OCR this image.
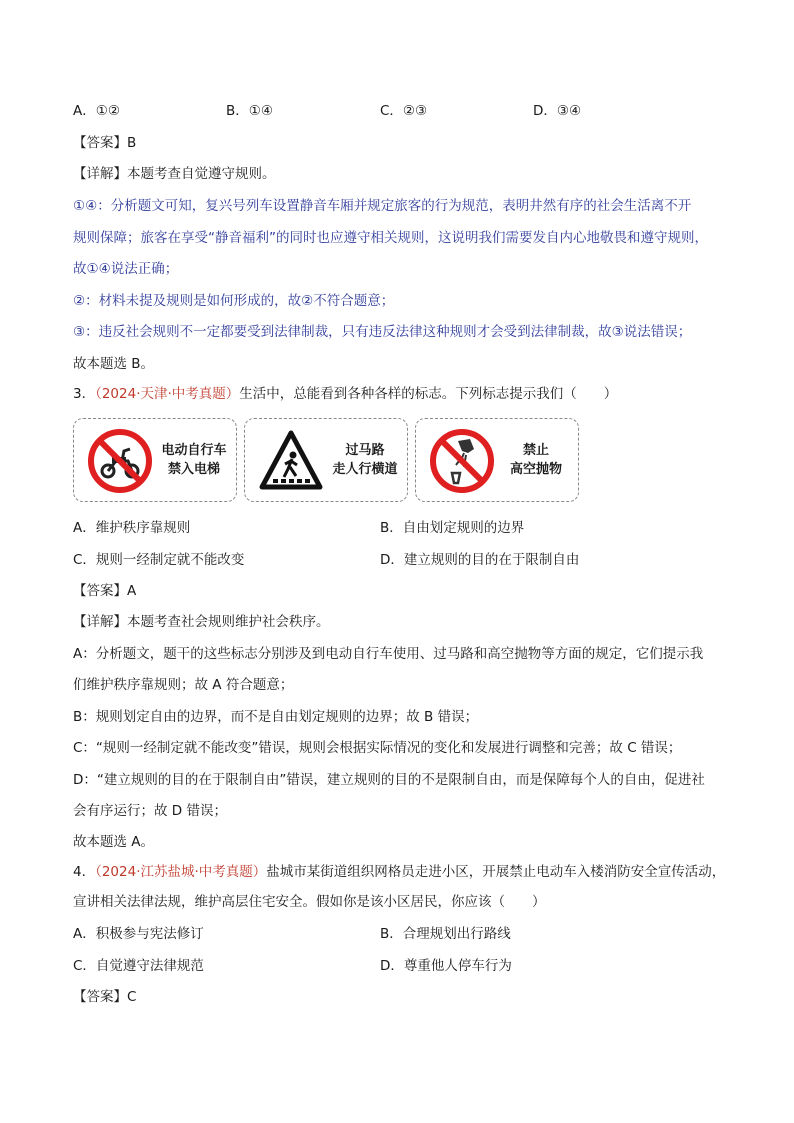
A．①②	B．①④	C．②③	D．③④
【答案】B
【详解】本题考查自觉遵守规则。
①④：分析题文可知，复兴号列车设置静音车厢并规定旅客的行为规范，表明井然有序的社会生活离不开
规则保障；旅客在享受“静音福利”的同时也应遵守相关规则，这说明我们需要发自内心地敬畏和遵守规则，
故①④说法正确；
②：材料未提及规则是如何形成的，故②不符合题意；
③：违反社会规则不一定都要受到法律制裁，只有违反法律这种规则才会受到法律制裁，故③说法错误；
故本题选 B。
3．（2024·天津·中考真题）生活中，总能看到各种各样的标志。下列标志提示我们（　　）
电动自行车
禁入电梯
过马路
走人行横道
禁止
高空抛物
A．维护秩序靠规则	B．自由划定规则的边界
C．规则一经制定就不能改变	D．建立规则的目的在于限制自由
【答案】A
【详解】本题考查社会规则维护社会秩序。
A：分析题文，题干的这些标志分别涉及到电动自行车使用、过马路和高空抛物等方面的规定，它们提示我
们维护秩序靠规则；故 A 符合题意；
B：规则划定自由的边界，而不是自由划定规则的边界；故 B 错误；
C：“规则一经制定就不能改变”错误，规则会根据实际情况的变化和发展进行调整和完善；故 C 错误；
D：“建立规则的目的在于限制自由”错误，建立规则的目的不是限制自由，而是保障每个人的自由，促进社
会有序运行；故 D 错误；
故本题选 A。
4．（2024·江苏盐城·中考真题）盐城市某街道组织网格员走进小区，开展禁止电动车入楼消防安全宣传活动，
宣讲相关法律法规，维护高层住宅安全。假如你是该小区居民，你应该（　　）
A．积极参与宪法修订	B．合理规划出行路线
C．自觉遵守法律规范	D．尊重他人停车行为
【答案】C
